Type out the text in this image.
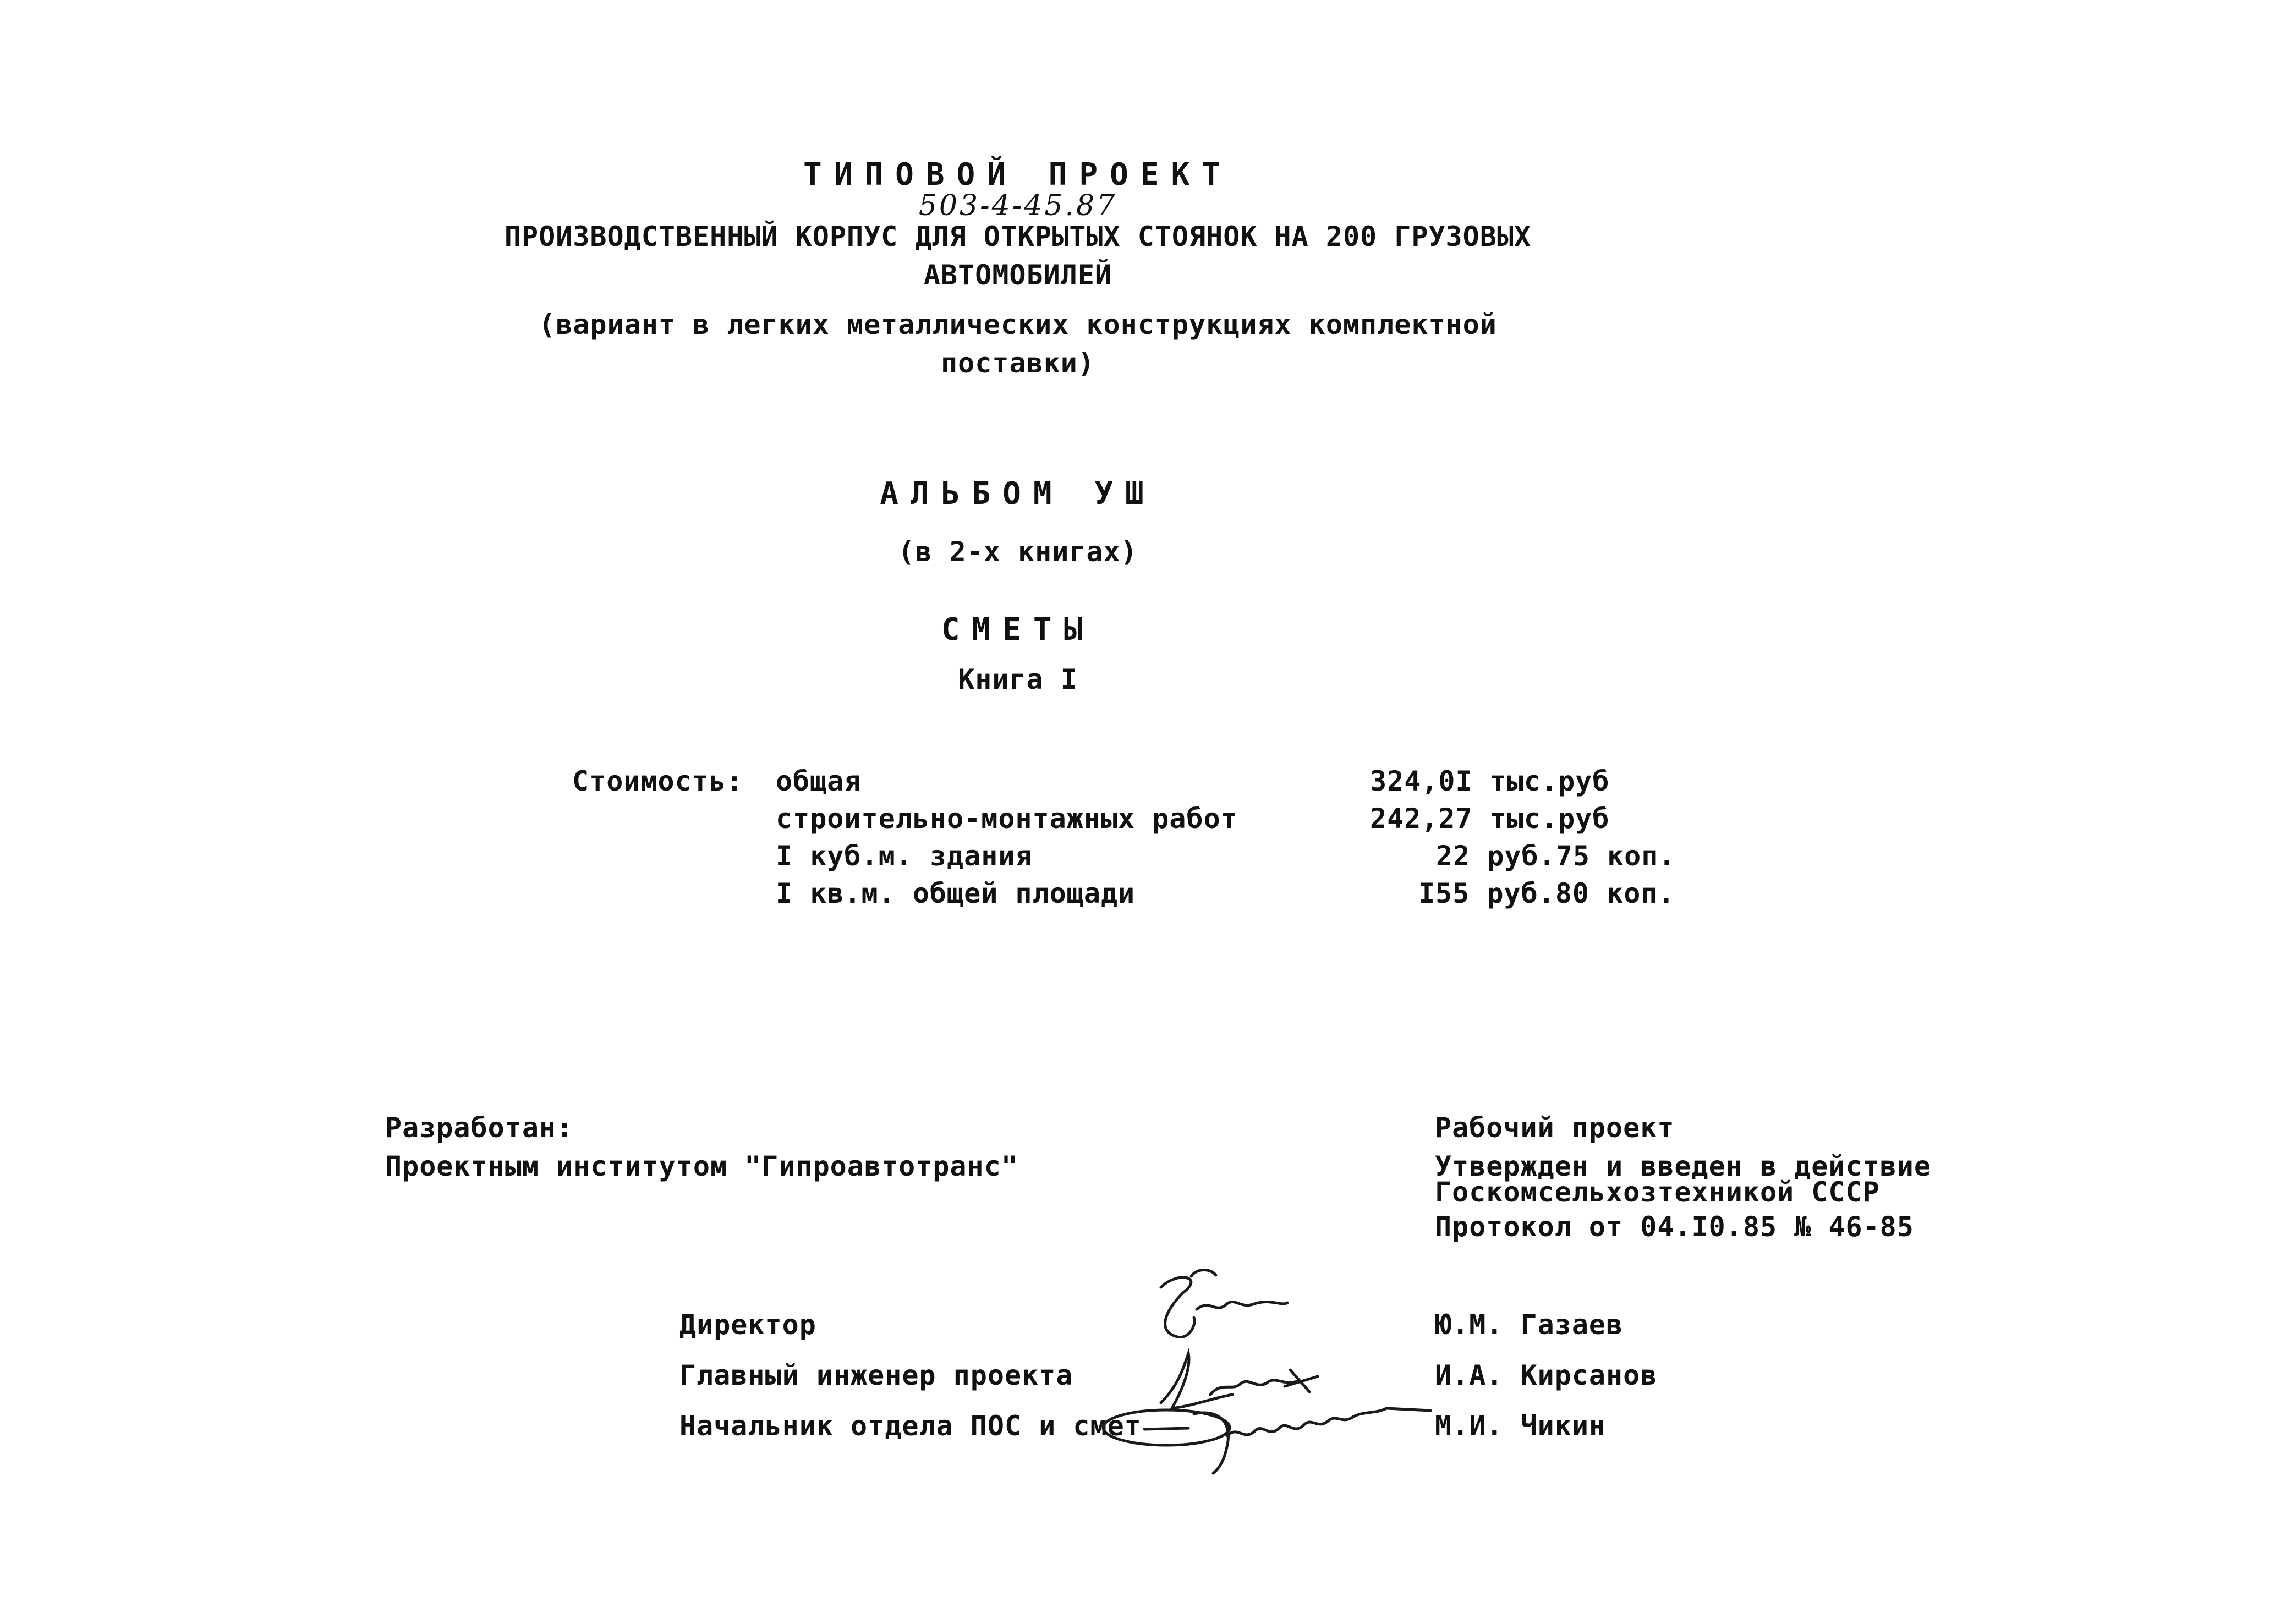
ТИПОВОЙ ПРОЕКТ
503-4-45.87
ПРОИЗВОДСТВЕННЫЙ КОРПУС ДЛЯ ОТКРЫТЫХ СТОЯНОК НА 200 ГРУЗОВЫХ
АВТОМОБИЛЕЙ
(вариант в легких металлических конструкциях комплектной
поставки)
АЛЬБОМ УШ
(в 2-х книгах)
СМЕТЫ
Книга I
Стоимость: общая	324,0I тыс.руб
строительно-монтажных работ	242,27 тыс.руб
I куб.м. здания	22 руб.75 коп.
I кв.м. общей площади	I55 руб.80 коп.
Разработан:
Проектным институтом "Гипроавтотранс"
Рабочий проект
Утвержден и введен в действие
Госкомсельхозтехникой СССР
Протокол от 04.I0.85 № 46-85
Директор	Ю.М. Газаев
Главный инженер проекта	И.А. Кирсанов
Начальник отдела ПОС и смет	М.И. Чикин
